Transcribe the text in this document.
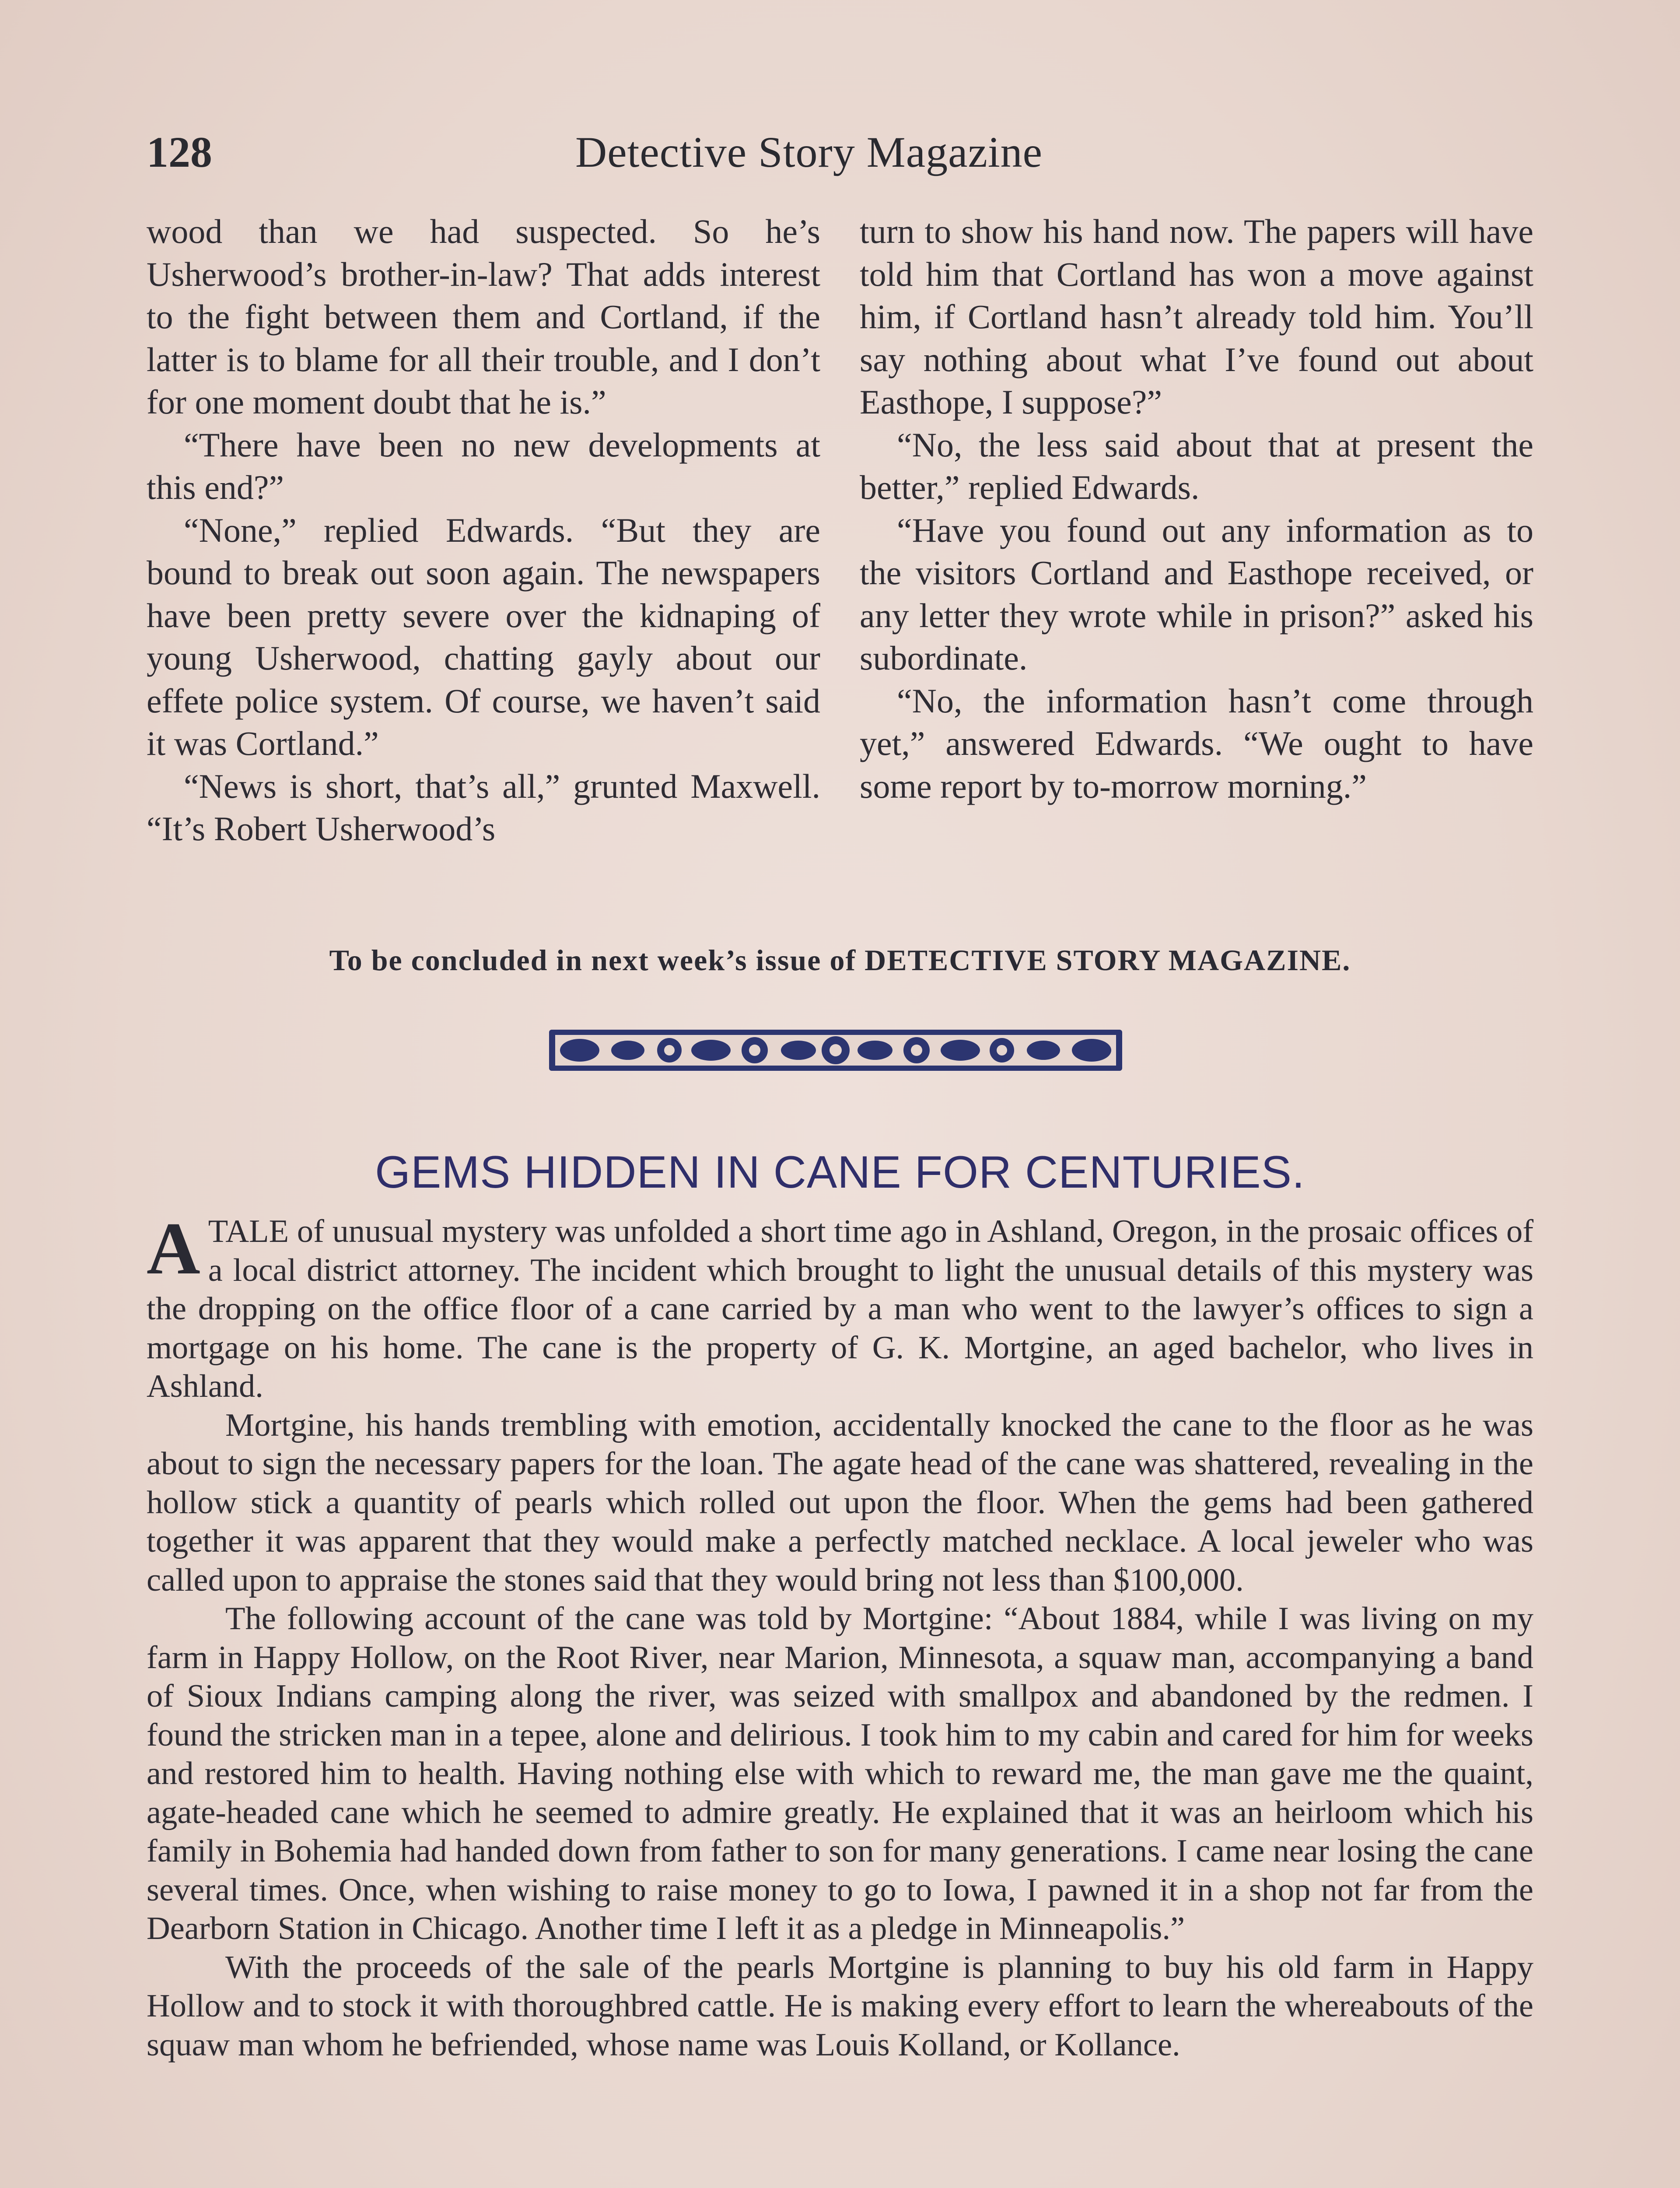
128	Detective Story Magazine

wood than we had suspected. So he’s Usherwood’s brother-in-law? That adds interest to the fight between them and Cortland, if the latter is to blame for all their trouble, and I don’t for one moment doubt that he is.”

“There have been no new developments at this end?”

“None,” replied Edwards. “But they are bound to break out soon again. The newspapers have been pretty severe over the kidnaping of young Usherwood, chatting gayly about our effete police system. Of course, we haven’t said it was Cortland.”

“News is short, that’s all,” grunted Maxwell. “It’s Robert Usherwood’s

turn to show his hand now. The papers will have told him that Cortland has won a move against him, if Cortland hasn’t already told him. You’ll say nothing about what I’ve found out about Easthope, I suppose?”

“No, the less said about that at present the better,” replied Edwards.

“Have you found out any information as to the visitors Cortland and Easthope received, or any letter they wrote while in prison?” asked his subordinate.

“No, the information hasn’t come through yet,” answered Edwards. “We ought to have some report by to-morrow morning.”

To be concluded in next week’s issue of DETECTIVE STORY MAGAZINE.
GEMS HIDDEN IN CANE FOR CENTURIES.

ATALE of unusual mystery was unfolded a short time ago in Ashland, Oregon, in the prosaic offices of a local district attorney. The incident which brought to light the unusual details of this mystery was the dropping on the office floor of a cane carried by a man who went to the lawyer’s offices to sign a mortgage on his home. The cane is the property of G. K. Mortgine, an aged bachelor, who lives in Ashland.

Mortgine, his hands trembling with emotion, accidentally knocked the cane to the floor as he was about to sign the necessary papers for the loan. The agate head of the cane was shattered, revealing in the hollow stick a quantity of pearls which rolled out upon the floor. When the gems had been gathered together it was apparent that they would make a perfectly matched necklace. A local jeweler who was called upon to appraise the stones said that they would bring not less than $100,000.

The following account of the cane was told by Mortgine: “About 1884, while I was living on my farm in Happy Hollow, on the Root River, near Marion, Minnesota, a squaw man, accompanying a band of Sioux Indians camping along the river, was seized with smallpox and abandoned by the redmen. I found the stricken man in a tepee, alone and delirious. I took him to my cabin and cared for him for weeks and restored him to health. Having nothing else with which to reward me, the man gave me the quaint, agate-headed cane which he seemed to admire greatly. He explained that it was an heirloom which his family in Bohemia had handed down from father to son for many generations. I came near losing the cane several times. Once, when wishing to raise money to go to Iowa, I pawned it in a shop not far from the Dearborn Station in Chicago. Another time I left it as a pledge in Minneapolis.”

With the proceeds of the sale of the pearls Mortgine is planning to buy his old farm in Happy Hollow and to stock it with thoroughbred cattle. He is making every effort to learn the whereabouts of the squaw man whom he befriended, whose name was Louis Kolland, or Kollance.
